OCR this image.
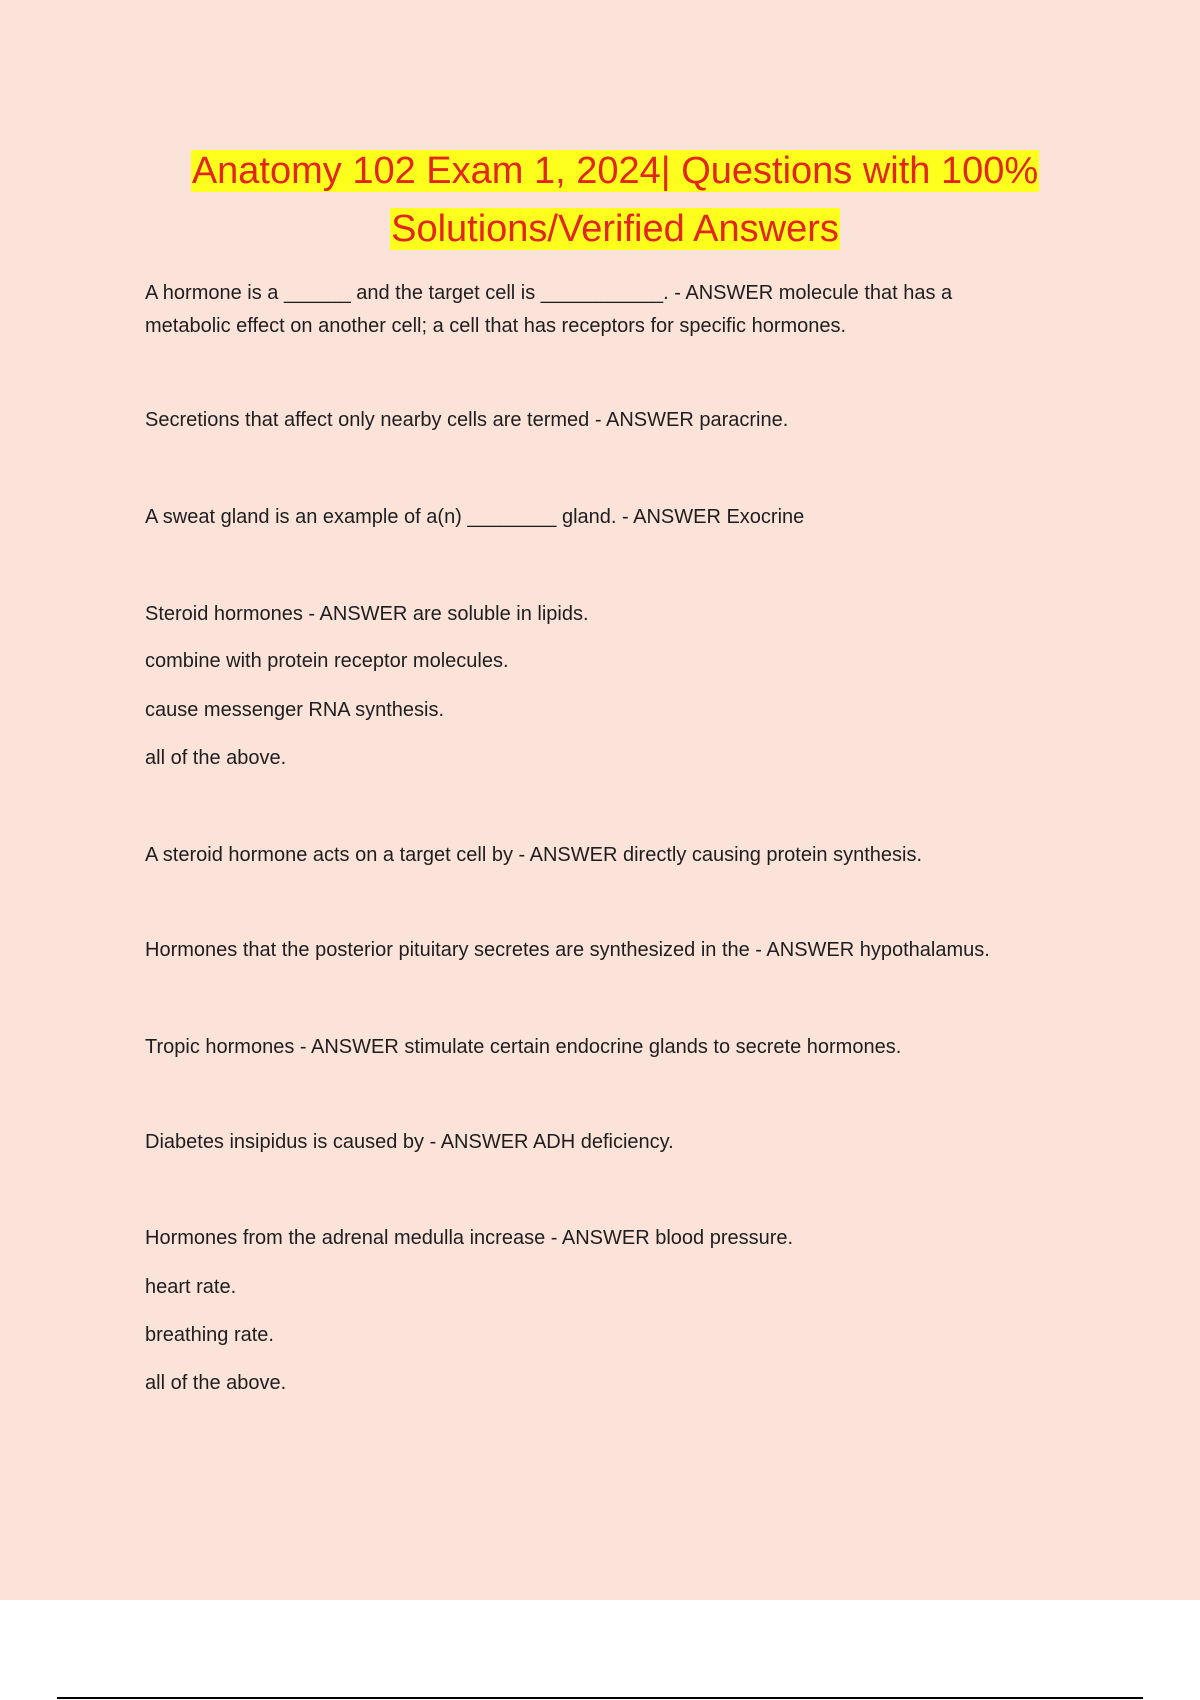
Anatomy 102 Exam 1, 2024| Questions with 100%
Solutions/Verified Answers

A hormone is a ______ and the target cell is ___________. - ANSWER molecule that has a

metabolic effect on another cell; a cell that has receptors for specific hormones.

Secretions that affect only nearby cells are termed - ANSWER paracrine.

A sweat gland is an example of a(n) ________ gland. - ANSWER Exocrine

Steroid hormones - ANSWER are soluble in lipids.

combine with protein receptor molecules.

cause messenger RNA synthesis.

all of the above.

A steroid hormone acts on a target cell by - ANSWER directly causing protein synthesis.

Hormones that the posterior pituitary secretes are synthesized in the - ANSWER hypothalamus.

Tropic hormones - ANSWER stimulate certain endocrine glands to secrete hormones.

Diabetes insipidus is caused by - ANSWER ADH deficiency.

Hormones from the adrenal medulla increase - ANSWER blood pressure.

heart rate.

breathing rate.

all of the above.
